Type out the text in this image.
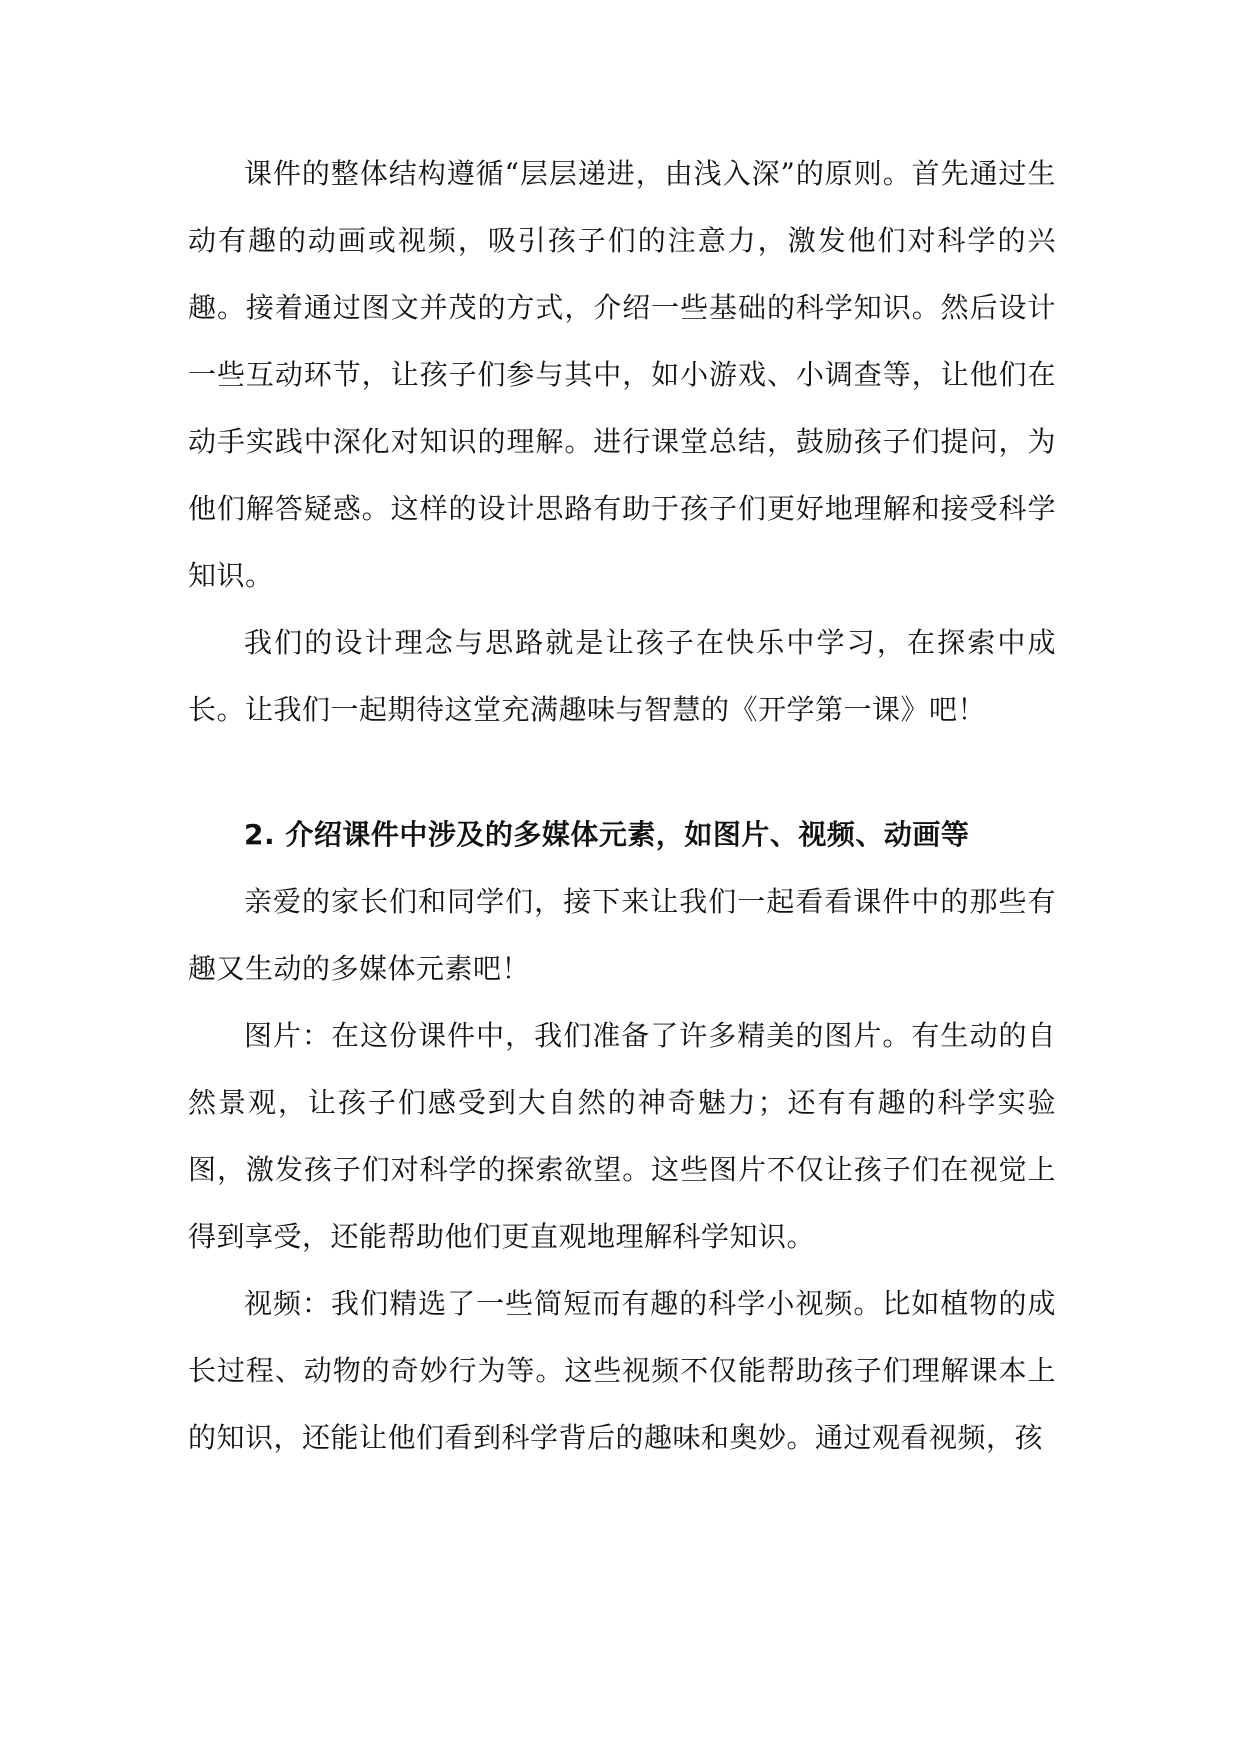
课件的整体结构遵循“层层递进，由浅入深”的原则。首先通过生动有趣的动画或视频，吸引孩子们的注意力，激发他们对科学的兴趣。接着通过图文并茂的方式，介绍一些基础的科学知识。然后设计一些互动环节，让孩子们参与其中，如小游戏、小调查等，让他们在动手实践中深化对知识的理解。进行课堂总结，鼓励孩子们提问，为他们解答疑惑。这样的设计思路有助于孩子们更好地理解和接受科学知识。

我们的设计理念与思路就是让孩子在快乐中学习，在探索中成长。让我们一起期待这堂充满趣味与智慧的《开学第一课》吧！

2. 介绍课件中涉及的多媒体元素，如图片、视频、动画等

亲爱的家长们和同学们，接下来让我们一起看看课件中的那些有趣又生动的多媒体元素吧！

图片：在这份课件中，我们准备了许多精美的图片。有生动的自然景观，让孩子们感受到大自然的神奇魅力；还有有趣的科学实验图，激发孩子们对科学的探索欲望。这些图片不仅让孩子们在视觉上得到享受，还能帮助他们更直观地理解科学知识。

视频：我们精选了一些简短而有趣的科学小视频。比如植物的成长过程、动物的奇妙行为等。这些视频不仅能帮助孩子们理解课本上的知识，还能让他们看到科学背后的趣味和奥妙。通过观看视频，孩
